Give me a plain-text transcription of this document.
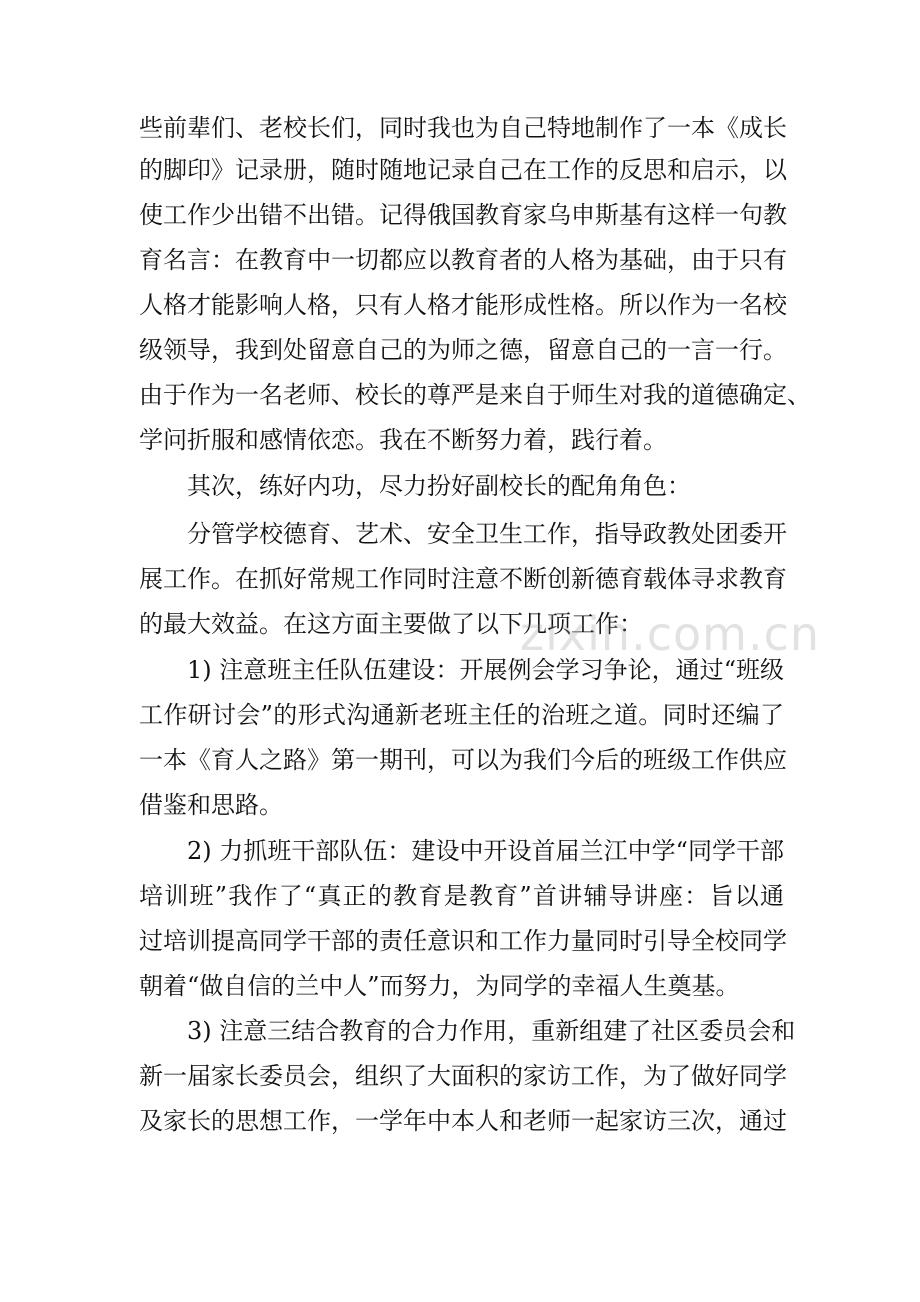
些前辈们、老校长们，同时我也为自己特地制作了一本《成长
的脚印》记录册，随时随地记录自己在工作的反思和启示，以
使工作少出错不出错。记得俄国教育家乌申斯基有这样一句教
育名言：在教育中一切都应以教育者的人格为基础，由于只有
人格才能影响人格，只有人格才能形成性格。所以作为一名校
级领导，我到处留意自己的为师之德，留意自己的一言一行。
由于作为一名老师、校长的尊严是来自于师生对我的道德确定、
学问折服和感情依恋。我在不断努力着，践行着。
其次，练好内功，尽力扮好副校长的配角角色：
分管学校德育、艺术、安全卫生工作，指导政教处团委开
展工作。在抓好常规工作同时注意不断创新德育载体寻求教育
的最大效益。在这方面主要做了以下几项工作：
1) 注意班主任队伍建设：开展例会学习争论，通过“班级
工作研讨会”的形式沟通新老班主任的治班之道。同时还编了
一本《育人之路》第一期刊，可以为我们今后的班级工作供应
借鉴和思路。
2) 力抓班干部队伍：建设中开设首届兰江中学“同学干部
培训班”我作了“真正的教育是教育”首讲辅导讲座：旨以通
过培训提高同学干部的责任意识和工作力量同时引导全校同学
朝着“做自信的兰中人”而努力，为同学的幸福人生奠基。
3) 注意三结合教育的合力作用，重新组建了社区委员会和
新一届家长委员会，组织了大面积的家访工作，为了做好同学
及家长的思想工作，一学年中本人和老师一起家访三次，通过
zixin.com.cn
